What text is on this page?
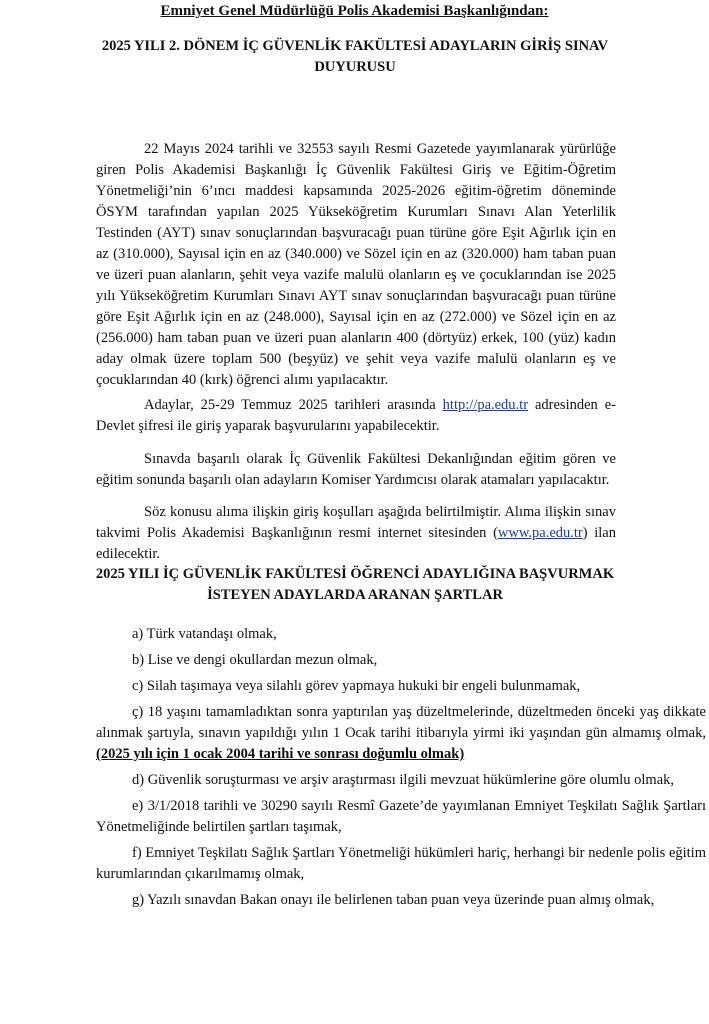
Emniyet Genel Müdürlüğü Polis Akademisi Başkanlığından:
2025 YILI 2. DÖNEM İÇ GÜVENLİK FAKÜLTESİ ADAYLARIN GİRİŞ SINAV
DUYURUSU

22 Mayıs 2024 tarihli ve 32553 sayılı Resmi Gazetede yayımlanarak yürürlüğe giren Polis Akademisi Başkanlığı İç Güvenlik Fakültesi Giriş ve Eğitim-Öğretim Yönetmeliği’nin 6’ıncı maddesi kapsamında 2025-2026 eğitim-öğretim döneminde ÖSYM tarafından yapılan 2025 Yükseköğretim Kurumları Sınavı Alan Yeterlilik Testinden (AYT) sınav sonuçlarından başvuracağı puan türüne göre Eşit Ağırlık için en az (310.000), Sayısal için en az (340.000) ve Sözel için en az (320.000) ham taban puan ve üzeri puan alanların, şehit veya vazife malulü olanların eş ve çocuklarından ise 2025 yılı Yükseköğretim Kurumları Sınavı AYT sınav sonuçlarından başvuracağı puan türüne göre Eşit Ağırlık için en az (248.000), Sayısal için en az (272.000) ve Sözel için en az (256.000) ham taban puan ve üzeri puan alanların 400 (dörtyüz) erkek, 100 (yüz) kadın aday olmak üzere toplam 500 (beşyüz) ve şehit veya vazife malulü olanların eş ve çocuklarından 40 (kırk) öğrenci alımı yapılacaktır.

Adaylar, 25-29 Temmuz 2025 tarihleri arasında http://pa.edu.tr adresinden e-Devlet şifresi ile giriş yaparak başvurularını yapabilecektir.

Sınavda başarılı olarak İç Güvenlik Fakültesi Dekanlığından eğitim gören ve eğitim sonunda başarılı olan adayların Komiser Yardımcısı olarak atamaları yapılacaktır.

Söz konusu alıma ilişkin giriş koşulları aşağıda belirtilmiştir. Alıma ilişkin sınav takvimi Polis Akademisi Başkanlığının resmi internet sitesinden (www.pa.edu.tr) ilan edilecektir.

2025 YILI İÇ GÜVENLİK FAKÜLTESİ ÖĞRENCİ ADAYLIĞINA BAŞVURMAK
İSTEYEN ADAYLARDA ARANAN ŞARTLAR

a) Türk vatandaşı olmak,

b) Lise ve dengi okullardan mezun olmak,

c) Silah taşımaya veya silahlı görev yapmaya hukuki bir engeli bulunmamak,

ç) 18 yaşını tamamladıktan sonra yaptırılan yaş düzeltmelerinde, düzeltmeden önceki yaş dikkate alınmak şartıyla, sınavın yapıldığı yılın 1 Ocak tarihi itibarıyla yirmi iki yaşından gün almamış olmak, (2025 yılı için 1 ocak 2004 tarihi ve sonrası doğumlu olmak)

d) Güvenlik soruşturması ve arşiv araştırması ilgili mevzuat hükümlerine göre olumlu olmak,

e) 3/1/2018 tarihli ve 30290 sayılı Resmî Gazete’de yayımlanan Emniyet Teşkilatı Sağlık Şartları Yönetmeliğinde belirtilen şartları taşımak,

f) Emniyet Teşkilatı Sağlık Şartları Yönetmeliği hükümleri hariç, herhangi bir nedenle polis eğitim kurumlarından çıkarılmamış olmak,

g) Yazılı sınavdan Bakan onayı ile belirlenen taban puan veya üzerinde puan almış olmak,
